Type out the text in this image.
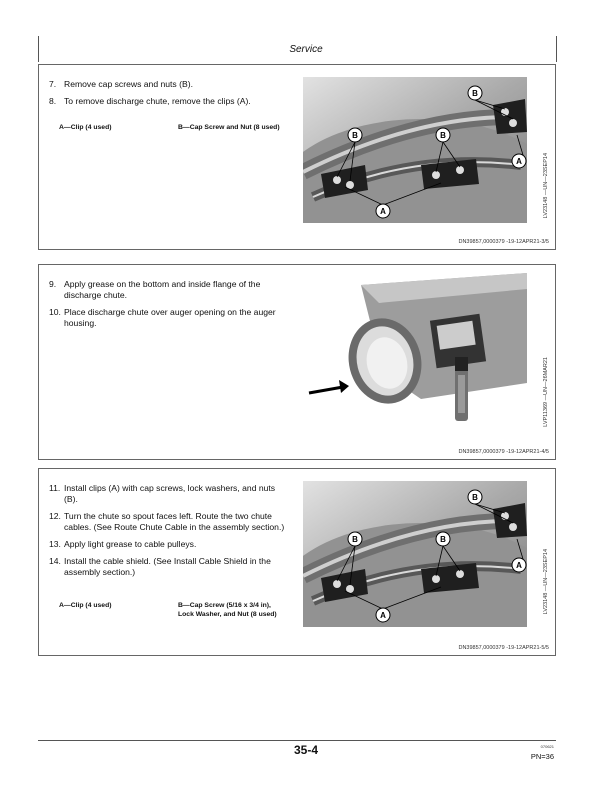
Service
7. Remove cap screws and nuts (B).
8. To remove discharge chute, remove the clips (A).
A—Clip (4 used)	B—Cap Screw and Nut (8 used)
B	B
B
A
A	LV23148 —UN—23SEP14
DN39857,0000379 -19-12APR21-3/5
9. Apply grease on the bottom and inside flange of the discharge chute.
10. Place discharge chute over auger opening on the auger housing.
LVP11369 —UN—26MAR21
DN39857,0000379 -19-12APR21-4/5
11. Install clips (A) with cap screws, lock washers, and nuts (B).
12. Turn the chute so spout faces left. Route the two chute cables. (See Route Chute Cable in the assembly section.)
13. Apply light grease to cable pulleys.
14. Install the cable shield. (See Install Cable Shield in the assembly section.)
A—Clip (4 used)	B—Cap Screw (5/16 x 3/4 in), Lock Washer, and Nut (8 used)
B	B
B
A
A	LV23148 —UN—23SEP14
DN39857,0000379 -19-12APR21-5/5
35-4	070621
PN=36
